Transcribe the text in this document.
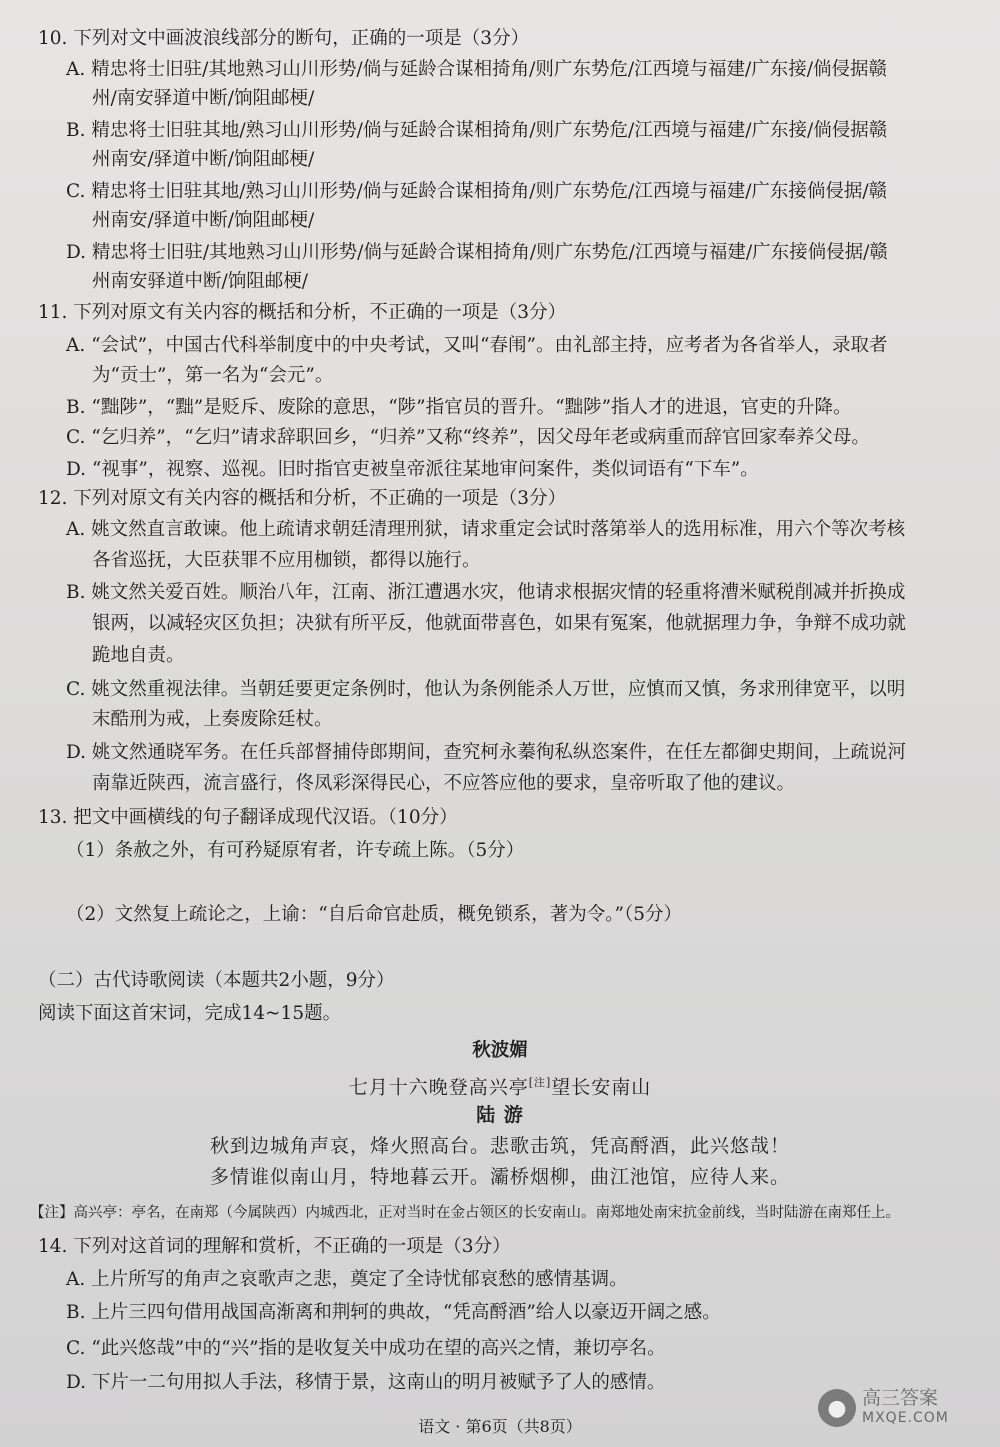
10. 下列对文中画波浪线部分的断句，正确的一项是（3分）
A. 精忠将士旧驻/其地熟习山川形势/倘与延龄合谋相掎角/则广东势危/江西境与福建/广东接/倘侵据赣
州/南安驿道中断/饷阻邮梗/
B. 精忠将士旧驻其地/熟习山川形势/倘与延龄合谋相掎角/则广东势危/江西境与福建/广东接/倘侵据赣
州南安/驿道中断/饷阻邮梗/
C. 精忠将士旧驻其地/熟习山川形势/倘与延龄合谋相掎角/则广东势危/江西境与福建/广东接倘侵据/赣
州南安/驿道中断/饷阻邮梗/
D. 精忠将士旧驻/其地熟习山川形势/倘与延龄合谋相掎角/则广东势危/江西境与福建/广东接倘侵据/赣
州南安驿道中断/饷阻邮梗/
11. 下列对原文有关内容的概括和分析，不正确的一项是（3分）
A. “会试”，中国古代科举制度中的中央考试，又叫“春闱”。由礼部主持，应考者为各省举人，录取者
为“贡士”，第一名为“会元”。
B. “黜陟”，“黜”是贬斥、废除的意思，“陟”指官员的晋升。“黜陟”指人才的进退，官吏的升降。
C. “乞归养”，“乞归”请求辞职回乡，“归养”又称“终养”，因父母年老或病重而辞官回家奉养父母。
D. “视事”，视察、巡视。旧时指官吏被皇帝派往某地审问案件，类似词语有“下车”。
12. 下列对原文有关内容的概括和分析，不正确的一项是（3分）
A. 姚文然直言敢谏。他上疏请求朝廷清理刑狱，请求重定会试时落第举人的选用标准，用六个等次考核
各省巡抚，大臣获罪不应用枷锁，都得以施行。
B. 姚文然关爱百姓。顺治八年，江南、浙江遭遇水灾，他请求根据灾情的轻重将漕米赋税削减并折换成
银两，以减轻灾区负担；决狱有所平反，他就面带喜色，如果有冤案，他就据理力争，争辩不成功就
跪地自责。
C. 姚文然重视法律。当朝廷要更定条例时，他认为条例能杀人万世，应慎而又慎，务求刑律宽平，以明
末酷刑为戒，上奏废除廷杖。
D. 姚文然通晓军务。在任兵部督捕侍郎期间，查究柯永蓁徇私纵恣案件，在任左都御史期间，上疏说河
南靠近陕西，流言盛行，佟凤彩深得民心，不应答应他的要求，皇帝听取了他的建议。
13. 把文中画横线的句子翻译成现代汉语。（10分）
（1）条赦之外，有可矜疑原宥者，许专疏上陈。（5分）
（2）文然复上疏论之，上谕：“自后命官赴质，概免锁系，著为令。”（5分）
（二）古代诗歌阅读（本题共2小题，9分）
阅读下面这首宋词，完成14~15题。
秋波媚
七月十六晚登高兴亭[注]望长安南山
陆 游
秋到边城角声哀，烽火照高台。悲歌击筑，凭高酹酒，此兴悠哉！
多情谁似南山月，特地暮云开。灞桥烟柳，曲江池馆，应待人来。
【注】高兴亭：亭名，在南郑（今属陕西）内城西北，正对当时在金占领区的长安南山。南郑地处南宋抗金前线，当时陆游在南郑任上。
14. 下列对这首词的理解和赏析，不正确的一项是（3分）
A. 上片所写的角声之哀歌声之悲，奠定了全诗忧郁哀愁的感情基调。
B. 上片三四句借用战国高渐离和荆轲的典故，“凭高酹酒”给人以豪迈开阔之感。
C. “此兴悠哉”中的“兴”指的是收复关中成功在望的高兴之情，兼切亭名。
D. 下片一二句用拟人手法，移情于景，这南山的明月被赋予了人的感情。
语文 · 第6页（共8页）
● 高三答案
MXQE.COM
